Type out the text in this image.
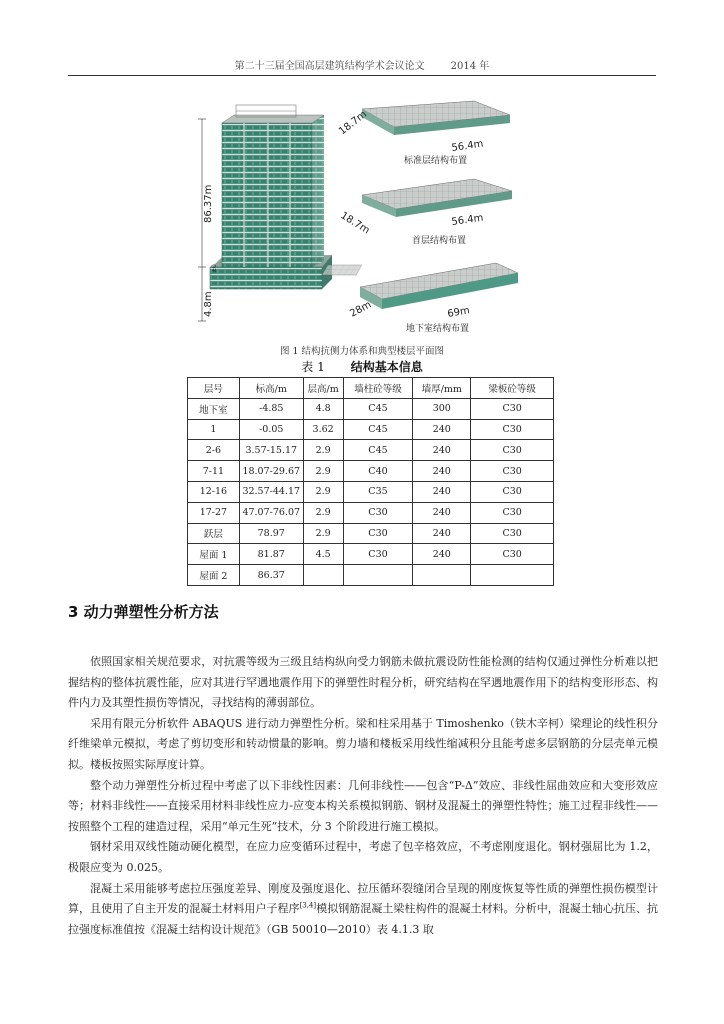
第二十三届全国高层建筑结构学术会议论文	2014 年
86.37m
4.8m
±0
18.7m
56.4m
标准层结构布置
18.7m	56.4m
首层结构布置
28m	69m
地下室结构布置
图 1 结构抗侧力体系和典型楼层平面图
表 1 结构基本信息
层号	标高/m	层高/m	墙柱砼等级	墙厚/mm	梁板砼等级
地下室	-4.85	4.8	C45	300	C30
1	-0.05	3.62	C45	240	C30
2-6	3.57-15.17	2.9	C45	240	C30
7-11	18.07-29.67	2.9	C40	240	C30
12-16	32.57-44.17	2.9	C35	240	C30
17-27	47.07-76.07	2.9	C30	240	C30
跃层	78.97	2.9	C30	240	C30
屋面 1	81.87	4.5	C30	240	C30
屋面 2	86.37				
3 动力弹塑性分析方法

依照国家相关规范要求，对抗震等级为三级且结构纵向受力钢筋未做抗震设防性能检测的结构仅通过弹性分析难以把握结构的整体抗震性能，应对其进行罕遇地震作用下的弹塑性时程分析，研究结构在罕遇地震作用下的结构变形形态、构件内力及其塑性损伤等情况，寻找结构的薄弱部位。

采用有限元分析软件 ABAQUS 进行动力弹塑性分析。梁和柱采用基于 Timoshenko（铁木辛柯）梁理论的线性积分纤维梁单元模拟，考虑了剪切变形和转动惯量的影响。剪力墙和楼板采用线性缩减积分且能考虑多层钢筋的分层壳单元模拟。楼板按照实际厚度计算。

整个动力弹塑性分析过程中考虑了以下非线性因素：几何非线性——包含“P-Δ”效应、非线性屈曲效应和大变形效应等；材料非线性——直接采用材料非线性应力-应变本构关系模拟钢筋、钢材及混凝土的弹塑性特性；施工过程非线性——按照整个工程的建造过程，采用“单元生死”技术，分 3 个阶段进行施工模拟。

钢材采用双线性随动硬化模型，在应力应变循环过程中，考虑了包辛格效应，不考虑刚度退化。钢材强屈比为 1.2，极限应变为 0.025。

混凝土采用能够考虑拉压强度差异、刚度及强度退化、拉压循环裂缝闭合呈现的刚度恢复等性质的弹塑性损伤模型计算，且使用了自主开发的混凝土材料用户子程序[3,4]模拟钢筋混凝土梁柱构件的混凝土材料。分析中，混凝土轴心抗压、抗拉强度标准值按《混凝土结构设计规范》（GB 50010—2010）表 4.1.3 取
